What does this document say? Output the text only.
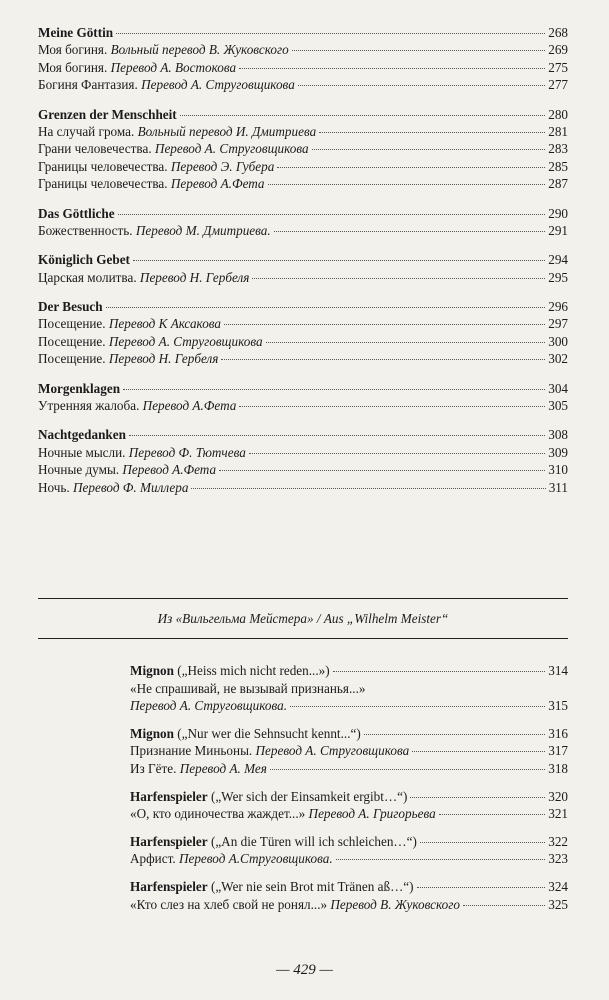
Meine Göttin	268
Моя богиня. Вольный перевод В. Жуковского	269
Моя богиня. Перевод А. Востокова	275
Богиня Фантазия. Перевод А. Струговщикова	277
Grenzen der Menschheit	280
На случай грома. Вольный перевод И. Дмитриева	281
Грани человечества. Перевод А. Струговщикова	283
Границы человечества. Перевод Э. Губера	285
Границы человечества. Перевод А.Фета	287
Das Göttliche	290
Божественность. Перевод М. Дмитриева.	291
Königlich Gebet	294
Царская молитва. Перевод Н. Гербеля	295
Der Besuch	296
Посещение. Перевод К Аксакова	297
Посещение. Перевод А. Струговщикова	300
Посещение. Перевод Н. Гербеля	302
Morgenklagen	304
Утренняя жалоба. Перевод А.Фета	305
Nachtgedanken	308
Ночные мысли. Перевод Ф. Тютчева	309
Ночные думы. Перевод А.Фета	310
Ночь. Перевод Ф. Миллера	311
Из «Вильгельма Мейстера» / Aus „Wilhelm Meister“
Mignon („Heiss mich nicht reden...»)	314
«Не спрашивай, не вызывай признанья...»
Перевод А. Струговщикова.	315
Mignon („Nur wer die Sehnsucht kennt...“)	316
Признание Миньоны. Перевод А. Струговщикова	317
Из Гёте. Перевод А. Мея	318
Harfenspieler („Wer sich der Einsamkeit ergibt…“)	320
«О, кто одиночества жаждет...» Перевод А. Григорьева	321
Harfenspieler („An die Türen will ich schleichen…“)	322
Арфист. Перевод А.Струговщикова.	323
Harfenspieler („Wer nie sein Brot mit Tränen aß…“)	324
«Кто слез на хлеб свой не ронял...» Перевод В. Жуковского	325
— 429 —
